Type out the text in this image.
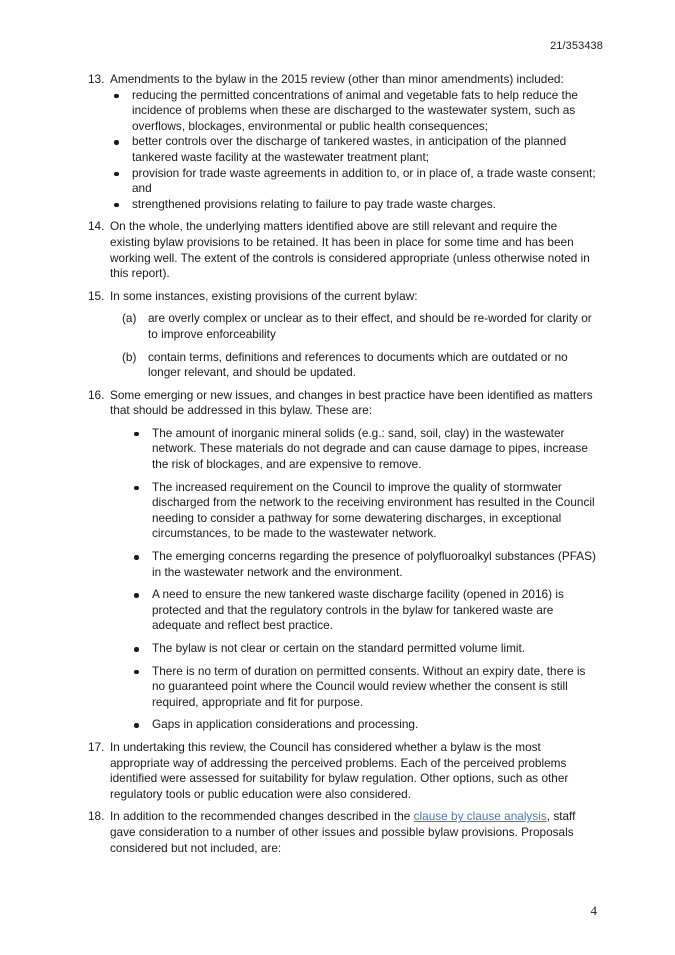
21/353438
13. Amendments to the bylaw in the 2015 review (other than minor amendments) included:
reducing the permitted concentrations of animal and vegetable fats to help reduce the incidence of problems when these are discharged to the wastewater system, such as overflows, blockages, environmental or public health consequences;
better controls over the discharge of tankered wastes, in anticipation of the planned tankered waste facility at the wastewater treatment plant;
provision for trade waste agreements in addition to, or in place of, a trade waste consent; and
strengthened provisions relating to failure to pay trade waste charges.
14. On the whole, the underlying matters identified above are still relevant and require the existing bylaw provisions to be retained. It has been in place for some time and has been working well. The extent of the controls is considered appropriate (unless otherwise noted in this report).
15. In some instances, existing provisions of the current bylaw:
(a) are overly complex or unclear as to their effect, and should be re-worded for clarity or to improve enforceability
(b) contain terms, definitions and references to documents which are outdated or no longer relevant, and should be updated.
16. Some emerging or new issues, and changes in best practice have been identified as matters that should be addressed in this bylaw. These are:
The amount of inorganic mineral solids (e.g.: sand, soil, clay) in the wastewater network. These materials do not degrade and can cause damage to pipes, increase the risk of blockages, and are expensive to remove.
The increased requirement on the Council to improve the quality of stormwater discharged from the network to the receiving environment has resulted in the Council needing to consider a pathway for some dewatering discharges, in exceptional circumstances, to be made to the wastewater network.
The emerging concerns regarding the presence of polyfluoroalkyl substances (PFAS) in the wastewater network and the environment.
A need to ensure the new tankered waste discharge facility (opened in 2016) is protected and that the regulatory controls in the bylaw for tankered waste are adequate and reflect best practice.
The bylaw is not clear or certain on the standard permitted volume limit.
There is no term of duration on permitted consents. Without an expiry date, there is no guaranteed point where the Council would review whether the consent is still required, appropriate and fit for purpose.
Gaps in application considerations and processing.
17. In undertaking this review, the Council has considered whether a bylaw is the most appropriate way of addressing the perceived problems. Each of the perceived problems identified were assessed for suitability for bylaw regulation. Other options, such as other regulatory tools or public education were also considered.
18. In addition to the recommended changes described in the clause by clause analysis, staff gave consideration to a number of other issues and possible bylaw provisions. Proposals considered but not included, are:
4
